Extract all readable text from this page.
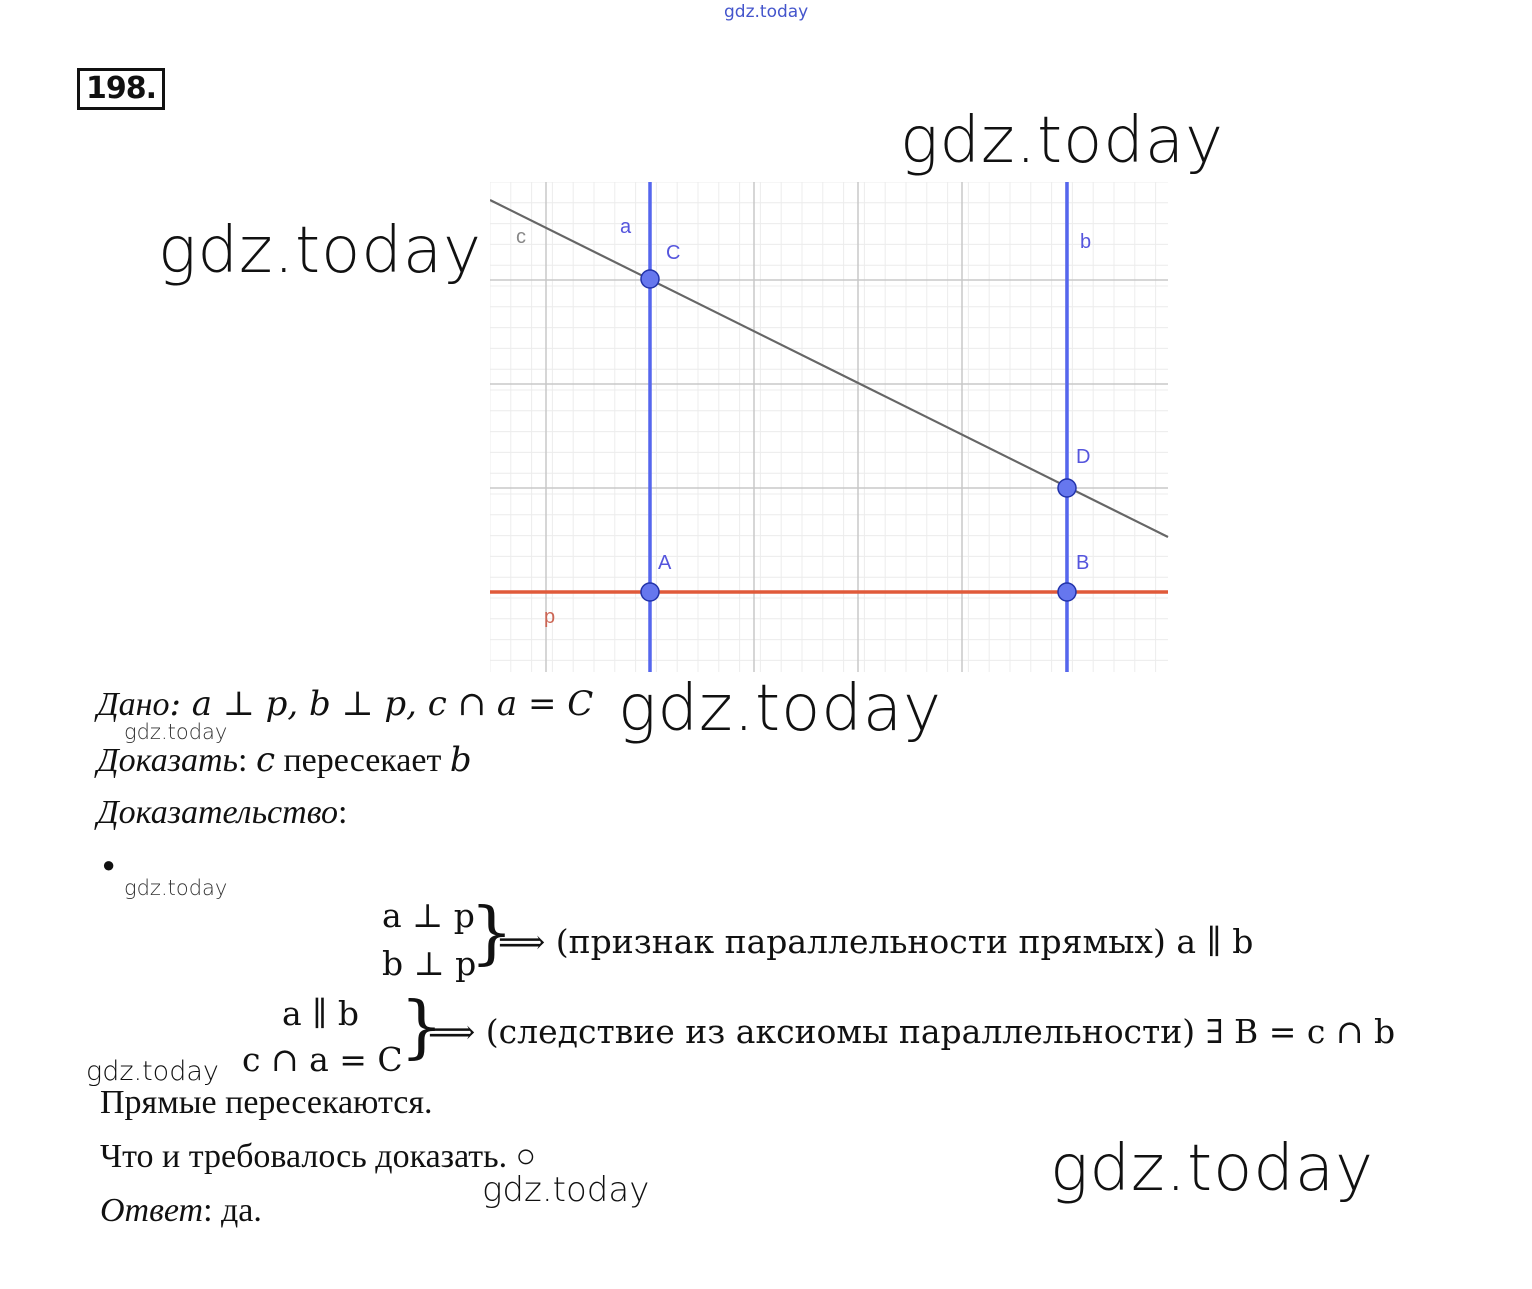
gdz.today
198.
a
b
c
p
C
D
A	B
gdz.today
gdz.today
Дано: a ⊥ p, b ⊥ p, c ∩ a = C gdz.today
gdz.today
Доказать: c пересекает b
Доказательство:
●
gdz.today
a ⊥ p
b ⊥ p
}
⟹ (признак параллельности прямых) a ∥ b
a ∥ b
c ∩ a = C
}
⟹ (следствие из аксиомы параллельности) ∃ B = c ∩ b
gdz.today
Прямые пересекаются.
Что и требовалось доказать. ○
gdz.today
Ответ: да.
gdz.today
